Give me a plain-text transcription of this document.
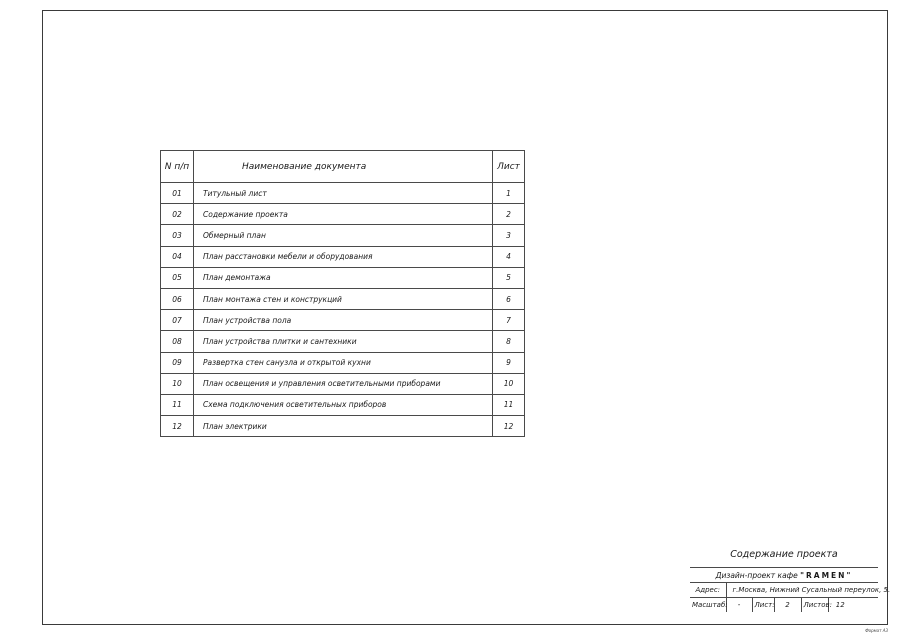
N п/п	Наименование документа	Лист
01	Титульный лист	1
02	Содержание проекта	2
03	Обмерный план	3
04	План расстановки мебели и оборудования	4
05	План демонтажа	5
06	План монтажа стен и конструкций	6
07	План устройства пола	7
08	План устройства плитки и сантехники	8
09	Развертка стен санузла и открытой кухни	9
10	План освещения и управления осветительными приборами	10
11	Схема подключения осветительных приборов	11
12	План электрики	12
Содержание проекта
Дизайн-проект кафе "RAMEN"						
Адрес:	г.Москва, Нижний Сусальный переулок, 5.					
Масштаб:	-	Лист:	2	Листов:	12	
Формат А3
